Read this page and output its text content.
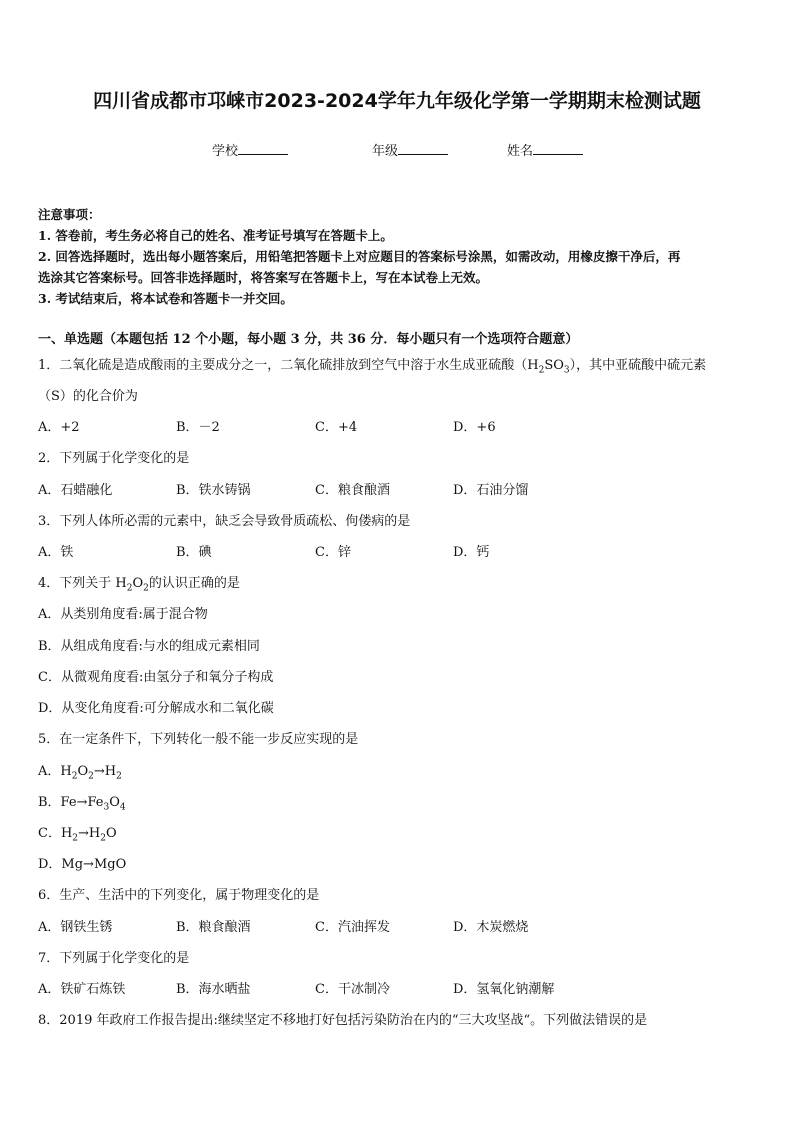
四川省成都市邛崃市2023-2024学年九年级化学第一学期期末检测试题
学校	年级	姓名
注意事项：
1. 答卷前，考生务必将自己的姓名、准考证号填写在答题卡上。
2. 回答选择题时，选出每小题答案后，用铅笔把答题卡上对应题目的答案标号涂黑，如需改动，用橡皮擦干净后，再
选涂其它答案标号。回答非选择题时，将答案写在答题卡上，写在本试卷上无效。
3. 考试结束后，将本试卷和答题卡一并交回。
一、单选题（本题包括 12 个小题，每小题 3 分，共 36 分．每小题只有一个选项符合题意）
1．二氧化硫是造成酸雨的主要成分之一，二氧化硫排放到空气中溶于水生成亚硫酸$(H_2SO_3)$，其中亚硫酸中硫元素
（S）的化合价为
A．+2	B．－2	C．+4	D．+6
2．下列属于化学变化的是
A．石蜡融化	B．铁水铸锅	C．粮食酿酒	D．石油分馏
3．下列人体所必需的元素中，缺乏会导致骨质疏松、佝偻病的是
A．铁	B．碘	C．锌	D．钙
4．下列关于 $H_2O_2$的认识正确的是
A．从类别角度看:属于混合物
B．从组成角度看:与水的组成元素相同
C．从微观角度看:由氢分子和氧分子构成
D．从变化角度看:可分解成水和二氧化碳
5．在一定条件下，下列转化一般不能一步反应实现的是
A．$H_2O_2\to H_2$
B．$Fe\to Fe_3O_4$
C．$H_2\to H_2O$
D．Mg→MgO
6．生产、生活中的下列变化，属于物理变化的是
A．钢铁生锈	B．粮食酿酒	C．汽油挥发	D．木炭燃烧
7．下列属于化学变化的是
A．铁矿石炼铁	B．海水晒盐	C．干冰制冷	D．氢氧化钠潮解
8．2019 年政府工作报告提出:继续坚定不移地打好包括污染防治在内的“三大攻坚战“。下列做法错误的是
